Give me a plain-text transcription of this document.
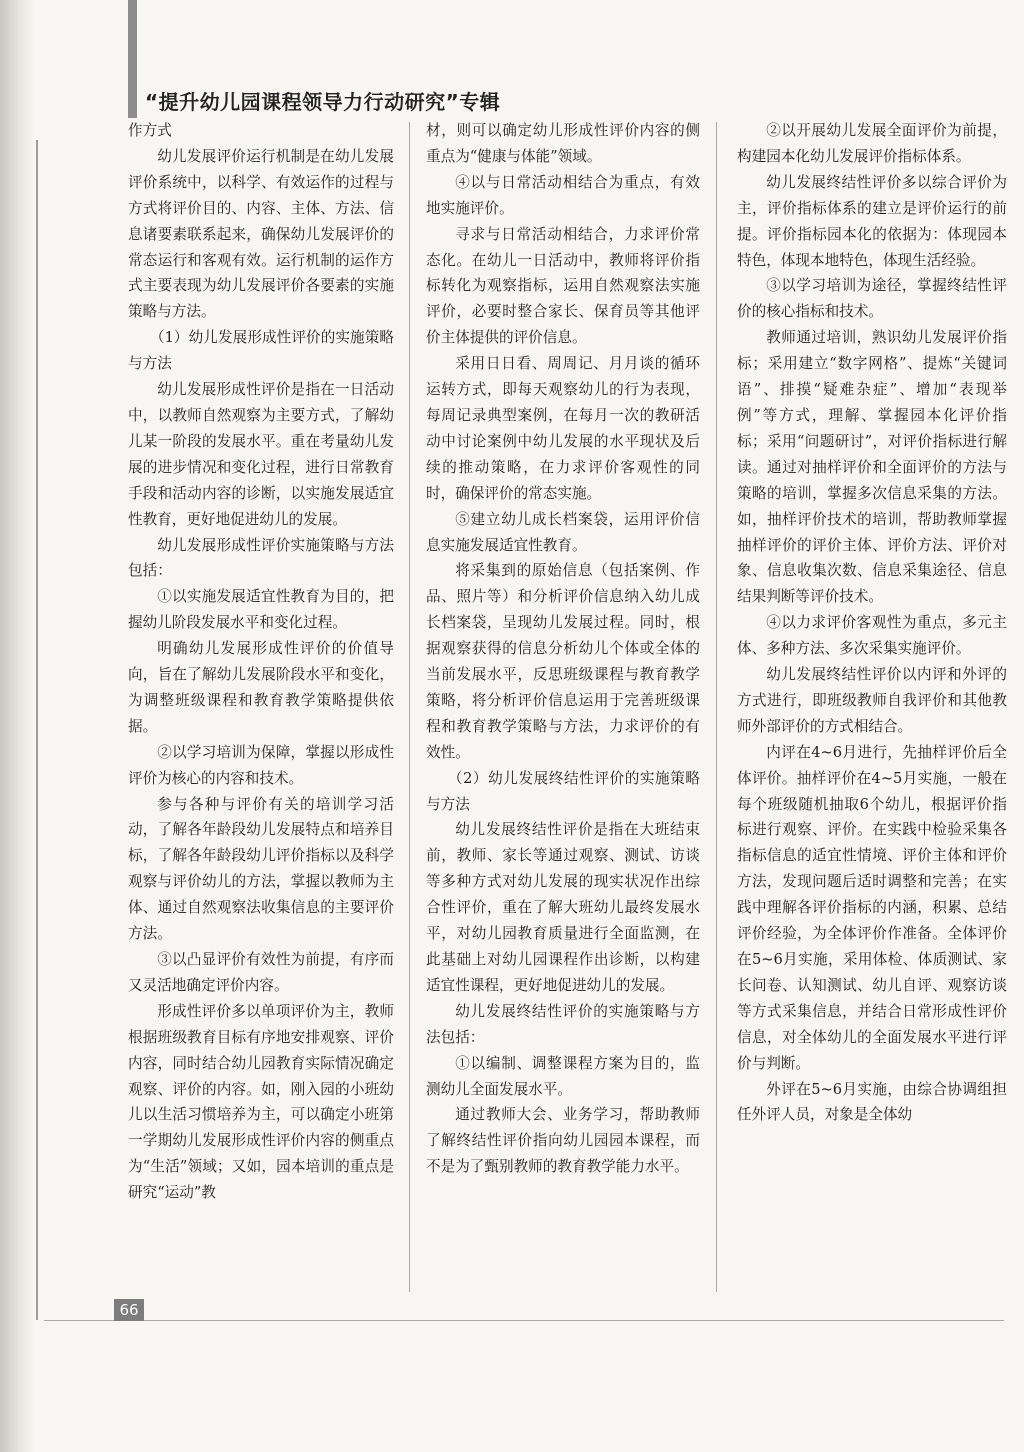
“提升幼儿园课程领导力行动研究”专辑

作方式

幼儿发展评价运行机制是在幼儿发展评价系统中，以科学、有效运作的过程与方式将评价目的、内容、主体、方法、信息诸要素联系起来，确保幼儿发展评价的常态运行和客观有效。运行机制的运作方式主要表现为幼儿发展评价各要素的实施策略与方法。

（1）幼儿发展形成性评价的实施策略与方法

幼儿发展形成性评价是指在一日活动中，以教师自然观察为主要方式，了解幼儿某一阶段的发展水平。重在考量幼儿发展的进步情况和变化过程，进行日常教育手段和活动内容的诊断，以实施发展适宜性教育，更好地促进幼儿的发展。

幼儿发展形成性评价实施策略与方法包括：

①以实施发展适宜性教育为目的，把握幼儿阶段发展水平和变化过程。

明确幼儿发展形成性评价的价值导向，旨在了解幼儿发展阶段水平和变化，为调整班级课程和教育教学策略提供依据。

②以学习培训为保障，掌握以形成性评价为核心的内容和技术。

参与各种与评价有关的培训学习活动，了解各年龄段幼儿发展特点和培养目标，了解各年龄段幼儿评价指标以及科学观察与评价幼儿的方法，掌握以教师为主体、通过自然观察法收集信息的主要评价方法。

③以凸显评价有效性为前提，有序而又灵活地确定评价内容。

形成性评价多以单项评价为主，教师根据班级教育目标有序地安排观察、评价内容，同时结合幼儿园教育实际情况确定观察、评价的内容。如，刚入园的小班幼儿以生活习惯培养为主，可以确定小班第一学期幼儿发展形成性评价内容的侧重点为“生活”领域；又如，园本培训的重点是研究“运动”教

材，则可以确定幼儿形成性评价内容的侧重点为“健康与体能”领域。

④以与日常活动相结合为重点，有效地实施评价。

寻求与日常活动相结合，力求评价常态化。在幼儿一日活动中，教师将评价指标转化为观察指标，运用自然观察法实施评价，必要时整合家长、保育员等其他评价主体提供的评价信息。

采用日日看、周周记、月月谈的循环运转方式，即每天观察幼儿的行为表现，每周记录典型案例，在每月一次的教研活动中讨论案例中幼儿发展的水平现状及后续的推动策略，在力求评价客观性的同时，确保评价的常态实施。

⑤建立幼儿成长档案袋，运用评价信息实施发展适宜性教育。

将采集到的原始信息（包括案例、作品、照片等）和分析评价信息纳入幼儿成长档案袋，呈现幼儿发展过程。同时，根据观察获得的信息分析幼儿个体或全体的当前发展水平，反思班级课程与教育教学策略，将分析评价信息运用于完善班级课程和教育教学策略与方法，力求评价的有效性。

（2）幼儿发展终结性评价的实施策略与方法

幼儿发展终结性评价是指在大班结束前，教师、家长等通过观察、测试、访谈等多种方式对幼儿发展的现实状况作出综合性评价，重在了解大班幼儿最终发展水平，对幼儿园教育质量进行全面监测，在此基础上对幼儿园课程作出诊断，以构建适宜性课程，更好地促进幼儿的发展。

幼儿发展终结性评价的实施策略与方法包括：

①以编制、调整课程方案为目的，监测幼儿全面发展水平。

通过教师大会、业务学习，帮助教师了解终结性评价指向幼儿园园本课程，而不是为了甄别教师的教育教学能力水平。

②以开展幼儿发展全面评价为前提，构建园本化幼儿发展评价指标体系。

幼儿发展终结性评价多以综合评价为主，评价指标体系的建立是评价运行的前提。评价指标园本化的依据为：体现园本特色，体现本地特色，体现生活经验。

③以学习培训为途径，掌握终结性评价的核心指标和技术。

教师通过培训，熟识幼儿发展评价指标；采用建立“数字网格”、提炼“关键词语”、排摸“疑难杂症”、增加“表现举例”等方式，理解、掌握园本化评价指标；采用“问题研讨”，对评价指标进行解读。通过对抽样评价和全面评价的方法与策略的培训，掌握多次信息采集的方法。如，抽样评价技术的培训，帮助教师掌握抽样评价的评价主体、评价方法、评价对象、信息收集次数、信息采集途径、信息结果判断等评价技术。

④以力求评价客观性为重点，多元主体、多种方法、多次采集实施评价。

幼儿发展终结性评价以内评和外评的方式进行，即班级教师自我评价和其他教师外部评价的方式相结合。

内评在4~6月进行，先抽样评价后全体评价。抽样评价在4~5月实施，一般在每个班级随机抽取6个幼儿，根据评价指标进行观察、评价。在实践中检验采集各指标信息的适宜性情境、评价主体和评价方法，发现问题后适时调整和完善；在实践中理解各评价指标的内涵，积累、总结评价经验，为全体评价作准备。全体评价在5~6月实施，采用体检、体质测试、家长问卷、认知测试、幼儿自评、观察访谈等方式采集信息，并结合日常形成性评价信息，对全体幼儿的全面发展水平进行评价与判断。

外评在5~6月实施，由综合协调组担任外评人员，对象是全体幼

66
